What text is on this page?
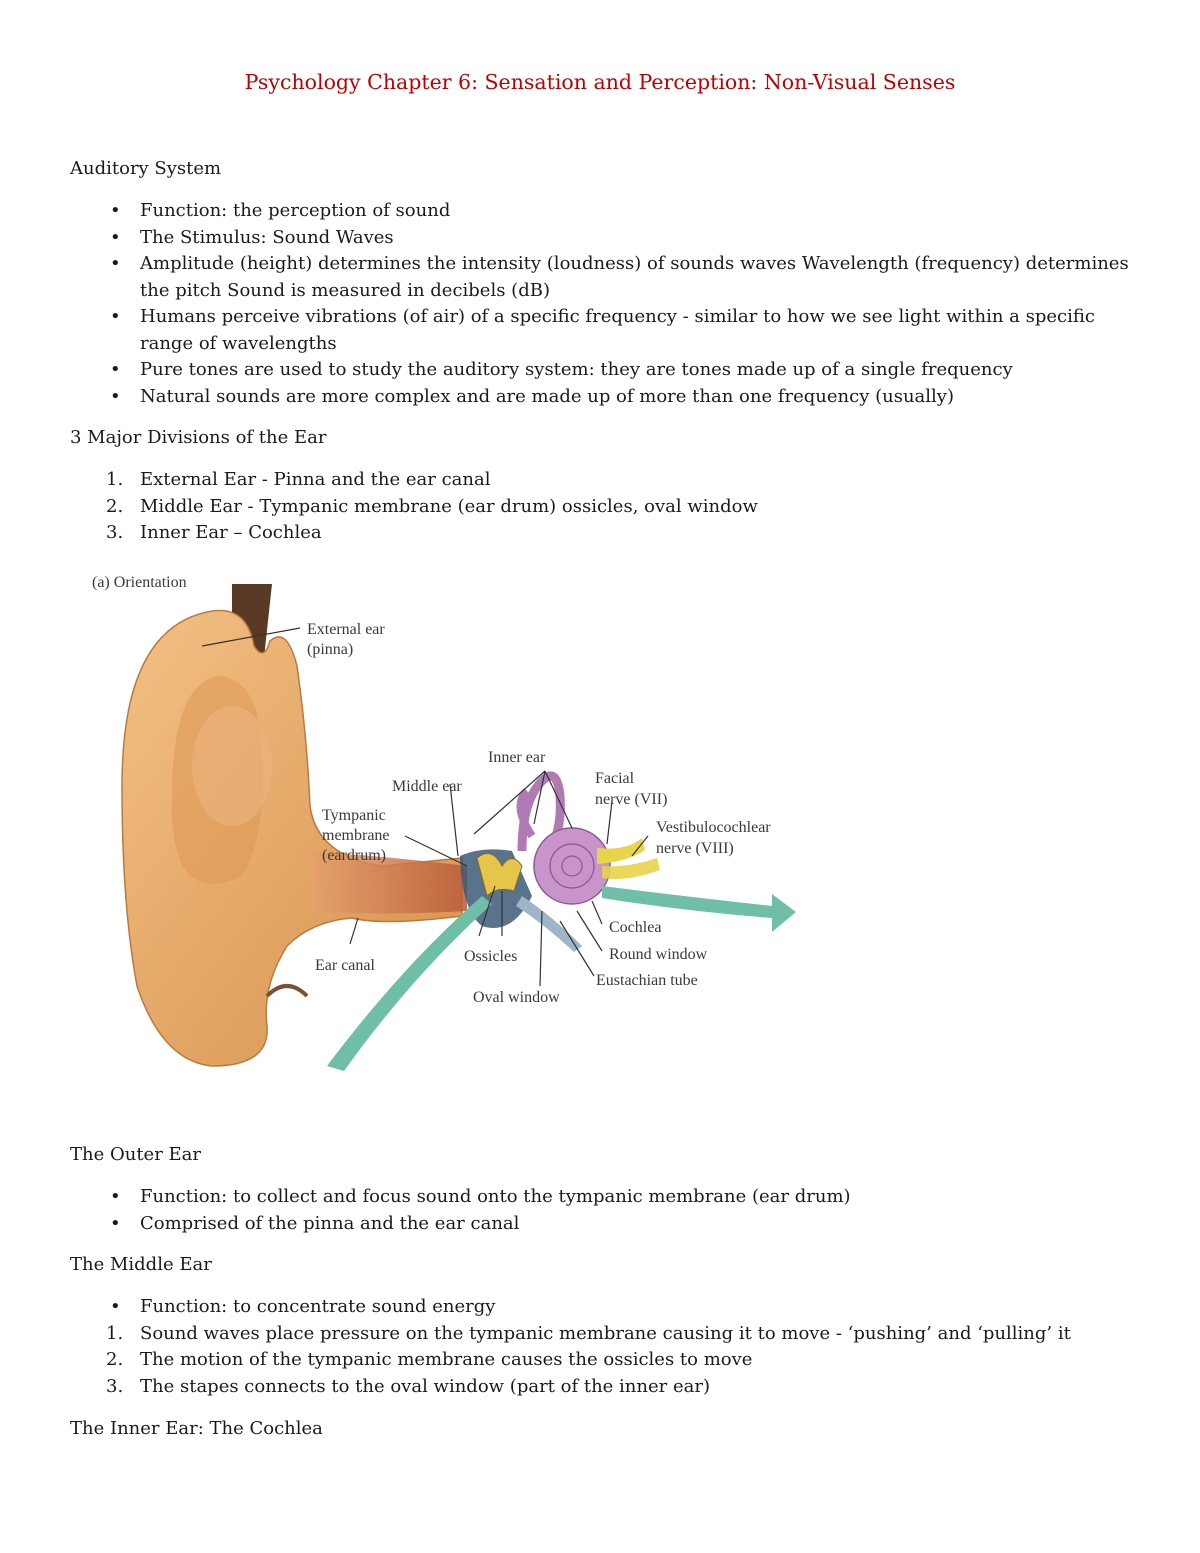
Psychology Chapter 6: Sensation and Perception: Non-Visual Senses

Auditory System

• Function: the perception of sound
• The Stimulus: Sound Waves
• Amplitude (height) determines the intensity (loudness) of sounds waves Wavelength (frequency) determines the pitch Sound is measured in decibels (dB)
• Humans perceive vibrations (of air) of a specific frequency - similar to how we see light within a specific range of wavelengths
• Pure tones are used to study the auditory system: they are tones made up of a single frequency
• Natural sounds are more complex and are made up of more than one frequency (usually)

3 Major Divisions of the Ear

1. External Ear - Pinna and the ear canal
2. Middle Ear - Tympanic membrane (ear drum) ossicles, oval window
3. Inner Ear – Cochlea
(a) Orientation
External ear
(pinna)
Inner ear
Middle ear	Facial
nerve (VII)
Tympanic
membrane
(eardrum)
Vestibulocochlear
nerve (VIII)
Cochlea
Round window
Eustachian tube
Ossicles
Oval window
Ear canal

The Outer Ear

• Function: to collect and focus sound onto the tympanic membrane (ear drum)
• Comprised of the pinna and the ear canal

The Middle Ear

• Function: to concentrate sound energy
1. Sound waves place pressure on the tympanic membrane causing it to move - ‘pushing’ and ‘pulling’ it
2. The motion of the tympanic membrane causes the ossicles to move
3. The stapes connects to the oval window (part of the inner ear)

The Inner Ear: The Cochlea
